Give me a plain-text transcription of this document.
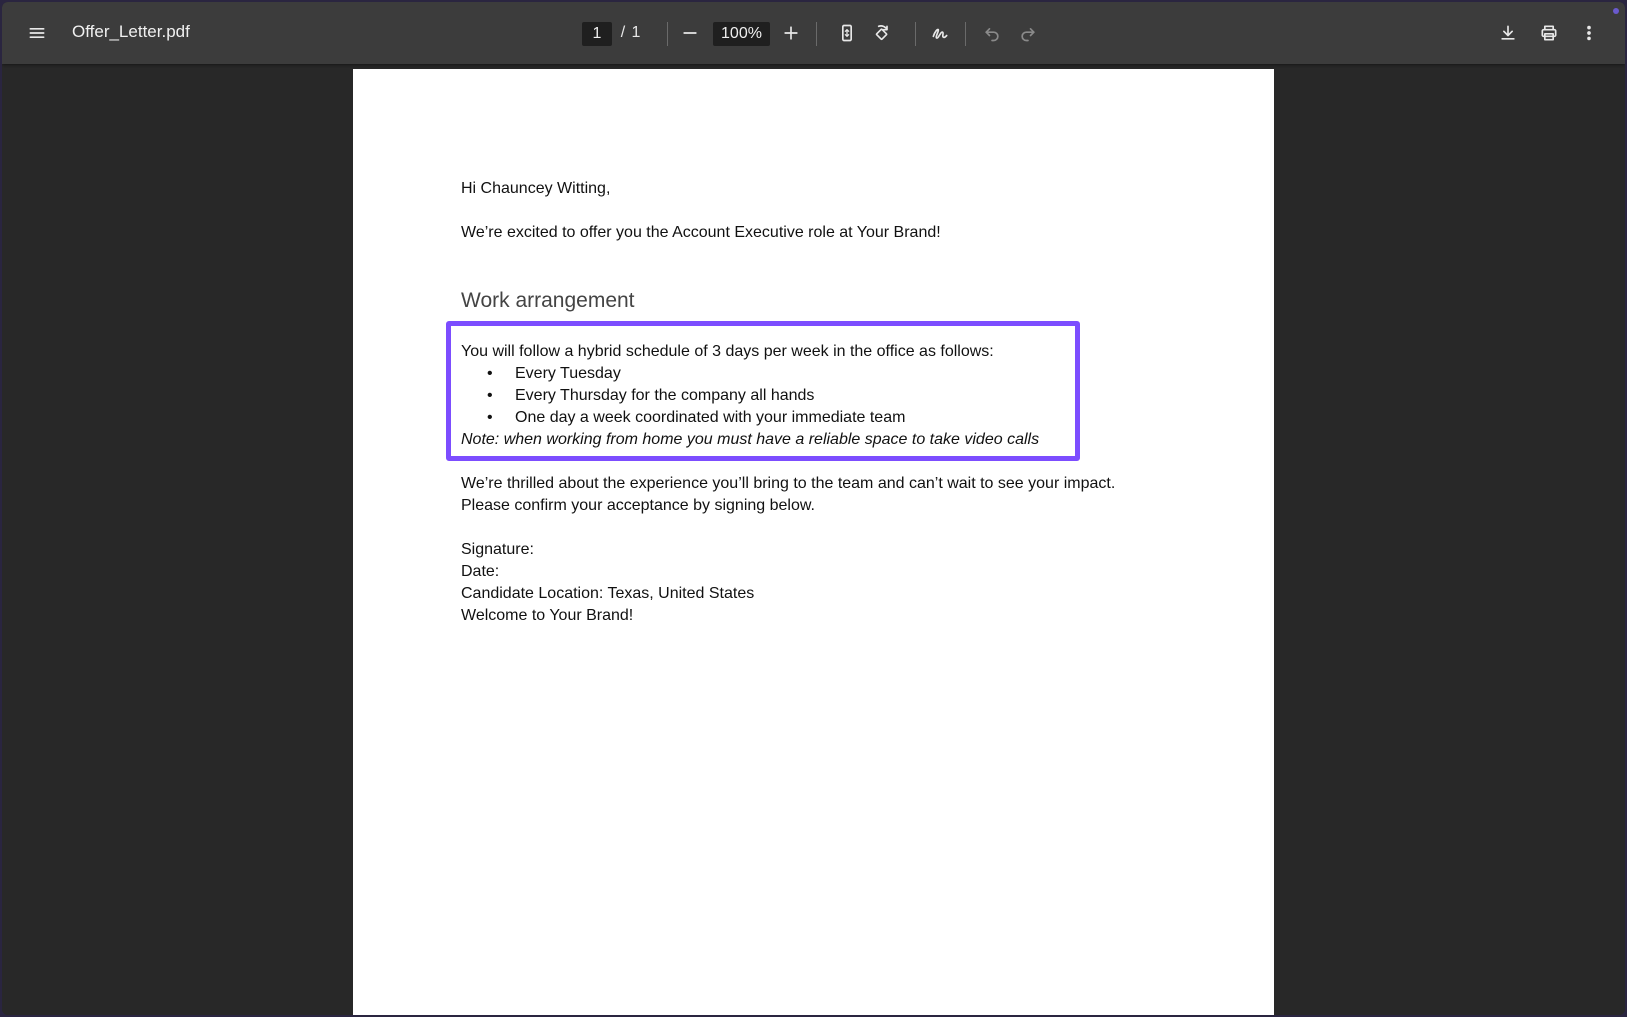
Offer_Letter.pdf	1	/ 1	100%
Hi Chauncey Witting,
We’re excited to offer you the Account Executive role at Your Brand!
Work arrangement
You will follow a hybrid schedule of 3 days per week in the office as follows:
• Every Tuesday
• Every Thursday for the company all hands
• One day a week coordinated with your immediate team
Note: when working from home you must have a reliable space to take video calls
We’re thrilled about the experience you’ll bring to the team and can’t wait to see your impact.
Please confirm your acceptance by signing below.
Signature:
Date:
Candidate Location: Texas, United States
Welcome to Your Brand!
